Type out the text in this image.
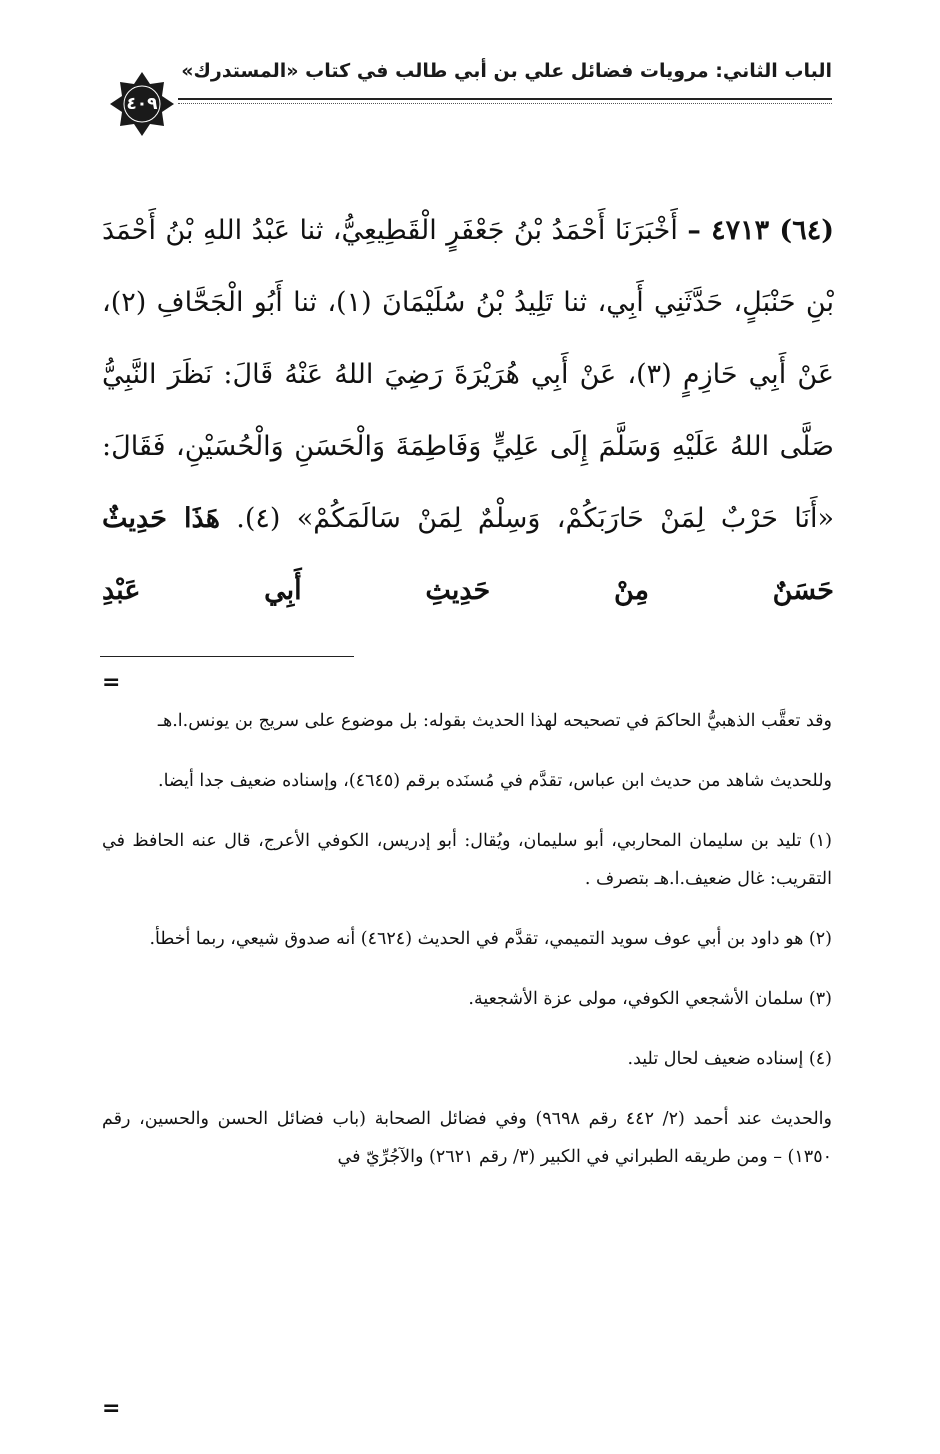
الباب الثاني: مرويات فضائل علي بن أبي طالب في كتاب «المستدرك»
٤٠٩

(٦٤) ٤٧١٣ – أَخْبَرَنَا أَحْمَدُ بْنُ جَعْفَرٍ الْقَطِيعِيُّ، ثنا عَبْدُ اللهِ بْنُ أَحْمَدَ بْنِ حَنْبَلٍ، حَدَّثَنِي أَبِي، ثنا تَلِيدُ بْنُ سُلَيْمَانَ (١)، ثنا أَبُو الْجَحَّافِ (٢)، عَنْ أَبِي حَازِمٍ (٣)، عَنْ أَبِي هُرَيْرَةَ رَضِيَ اللهُ عَنْهُ قَالَ: نَظَرَ النَّبِيُّ صَلَّى اللهُ عَلَيْهِ وَسَلَّمَ إِلَى عَلِيٍّ وَفَاطِمَةَ وَالْحَسَنِ وَالْحُسَيْنِ، فَقَالَ: «أَنَا حَرْبٌ لِمَنْ حَارَبَكُمْ، وَسِلْمٌ لِمَنْ سَالَمَكُمْ» (٤). هَذَا حَدِيثٌ حَسَنٌ مِنْ حَدِيثِ أَبِي عَبْدِ

=

وقد تعقَّب الذهبيُّ الحاكمَ في تصحيحه لهذا الحديث بقوله: بل موضوع على سريج بن يونس.ا.هـ

وللحديث شاهد من حديث ابن عباس، تقدَّم في مُسنَده برقم (٤٦٤٥)، وإسناده ضعيف جدا أيضا.

(١) تليد بن سليمان المحاربي، أبو سليمان، ويُقال: أبو إدريس، الكوفي الأعرج، قال عنه الحافظ في التقريب: غال ضعيف.ا.هـ بتصرف .

(٢) هو داود بن أبي عوف سويد التميمي، تقدَّم في الحديث (٤٦٢٤) أنه صدوق شيعي، ربما أخطأ.

(٣) سلمان الأشجعي الكوفي، مولى عزة الأشجعية.

(٤) إسناده ضعيف لحال تليد.

والحديث عند أحمد (٢/ ٤٤٢ رقم ٩٦٩٨) وفي فضائل الصحابة (باب فضائل الحسن والحسين، رقم ١٣٥٠) – ومن طريقه الطبراني في الكبير (٣/ رقم ٢٦٢١) والآجُرِّيّ في

=
